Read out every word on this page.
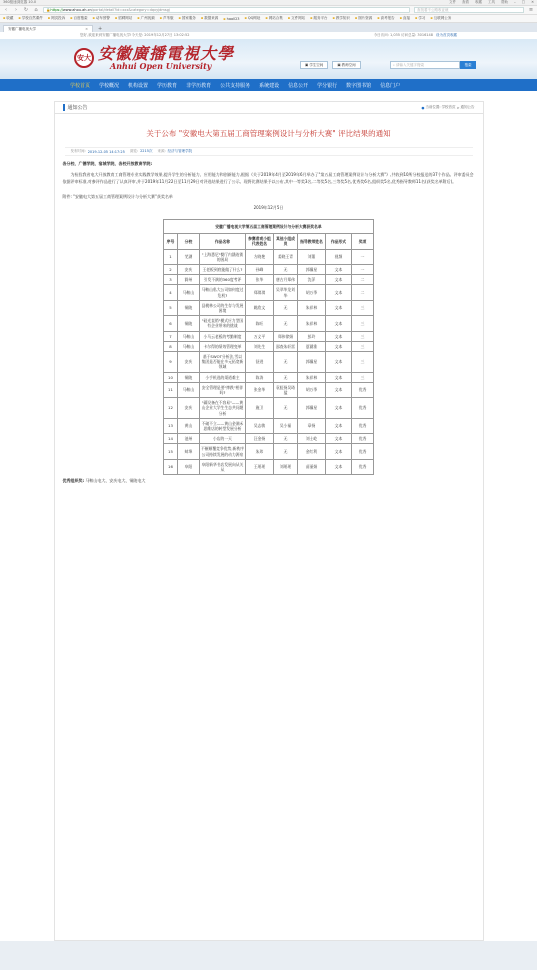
360极速浏览器 10.0	文件 查看 收藏 工具 帮助 – □ ✕
‹	›	↻ ⌂	🔒 https:// www.ahou.ah.cn /portal/detail?id=xxx&category=dqxyjdmsgj	查找着不公路收证就	≡
▪ 收藏	▪ 学校自然课件	▪ 网页投诉	▪ 百度搜索	▪ 动车预警	▪ 招聘网站	▪ 广州视频	▪ 芦苇版	▪ 国家服务	▪ 数据来源	▪ haoll23	▪ QQ网址	▪ 网站合集	▪ 文件网站	▪ 服务平台	▪ 教学知识	▪ 图片资源	▪ 高考报告	▪ 直接	▪ 学习	▪ 互联网公务
安徽广播电视大学	×	+
您好,欢迎来到安徽广播电视大学!今天是: 2019年12月27日 13:02:52	今日访问: 1,035 访问总量: 3016148 设为首页收藏
安大 安徽廣播電視大學
Anhui Open University	▣ 学生空间	▣ 教师空间	⌕ 请输入关键字搜索	搜索
学校首页 学校概况 机构设置 学历教育 非学历教育 公共支持服务 系统建设 信息公开 学分银行 数字图书馆 信息门户
通知公告	● 当前位置: 学校首页 > 通知公告
关于公布 "安徽电大第五届工商管理案例设计与分析大赛" 评比结果的通知
发布时间: 2019-12-05 14:17:25 浏览: 2215次 来源: 经济与管理学院

各分校、广德学院、宿城学院、各校开放教育学院:

为检验我省电大开放教育工商管理专业实践教学效果,提升学生的分析能力、应用能力和创新能力,根据《关于2019年4月至2019年6月举办了"第五届工商管理案例设计与分析大赛"》,共收到10所分校报送的37个作品。评审委员会依据评审标准,对参评作品进行了认真评审,并于2019年11月22日至11月29日对评选结果进行了公示。现将比赛结果予以公布,其中一等奖3名,二等奖5名,三等奖5名,优秀奖6名,组织奖5名,优秀指导教师11名(获奖名单附后)。

附件: "安徽电大第五届工商管理案例设计与分析大赛"获奖名单

2019年12月5日

安徽广播电视大学第五届工商管理案例设计与分析大赛获奖名单							
序号	分校	作品名称	参赛者或小组代表姓名	其他小组成员	指导教师姓名	作品形式	奖项
1	芜湖	"上海悉尼"餐厅内涵连锁的困局	方晓艳	姜晓王青	刘董	视频	一
2	安庆	王老板到底能做了什么?	孙峰	无	郭骥星	文本	一
3	滁州	引发不满的360度考评	张华	唐古月郑伟	沈萍	文本	二
4	马鞍山	马鞍山私大公司如何度过危机?	郑琪琪	吴翠华龙刘华	胡万季	文本	二
5	铜陵	县桃林公司的生存与发展困境	姚欣文	无	朱祥林	文本	三
6	铜陵	"硅光直销"模式应力型国有企业带来的挑战	陈旺	无	朱祥林	文本	三
7	马鞍山	小马云老板的考勤制度	万义平	郑伟徐娟	彭玲	文本	三
8	马鞍山	卡尔得的绩效管理变革	刘先生	邵查朱轩雷	夏涵淮	文本	三
9	安庆	基于SWOT分析法,雪以集团是否能在多元拓宽新领域	舒进	无	郭骥星	文本	三
10	铜陵	小手机选的渠道难主	陈涛	无	朱祥林	文本	三
11	马鞍山	安全管理是要"摔跌"相伴吗?	张金华	袁虹扬吴琦猛	胡万季	文本	优秀
12	安庆	"碳设备在不容易"——黄山企业大学生生态共问题分析	施卫	无	郭骥星	文本	优秀
13	黄山	不破不立——黄山金满禾思维店的转型发展分析	吴志敏	吴小福	章扬	文本	优秀
14	池州	小店的一天	汪金扬	无	刘士屹	文本	优秀
15	蚌埠	不断颠覆竞争优势,新秩序公司持续发展的动力源泉	朱玮	无	金红利	文本	优秀
16	阜阳	阜阳新华书店发展向从关从	王瑶瑶	刘瑶瑶	苗丽娟	文本	优秀
优秀组织奖: 马鞍山电大、安庆电大、铜陵电大
